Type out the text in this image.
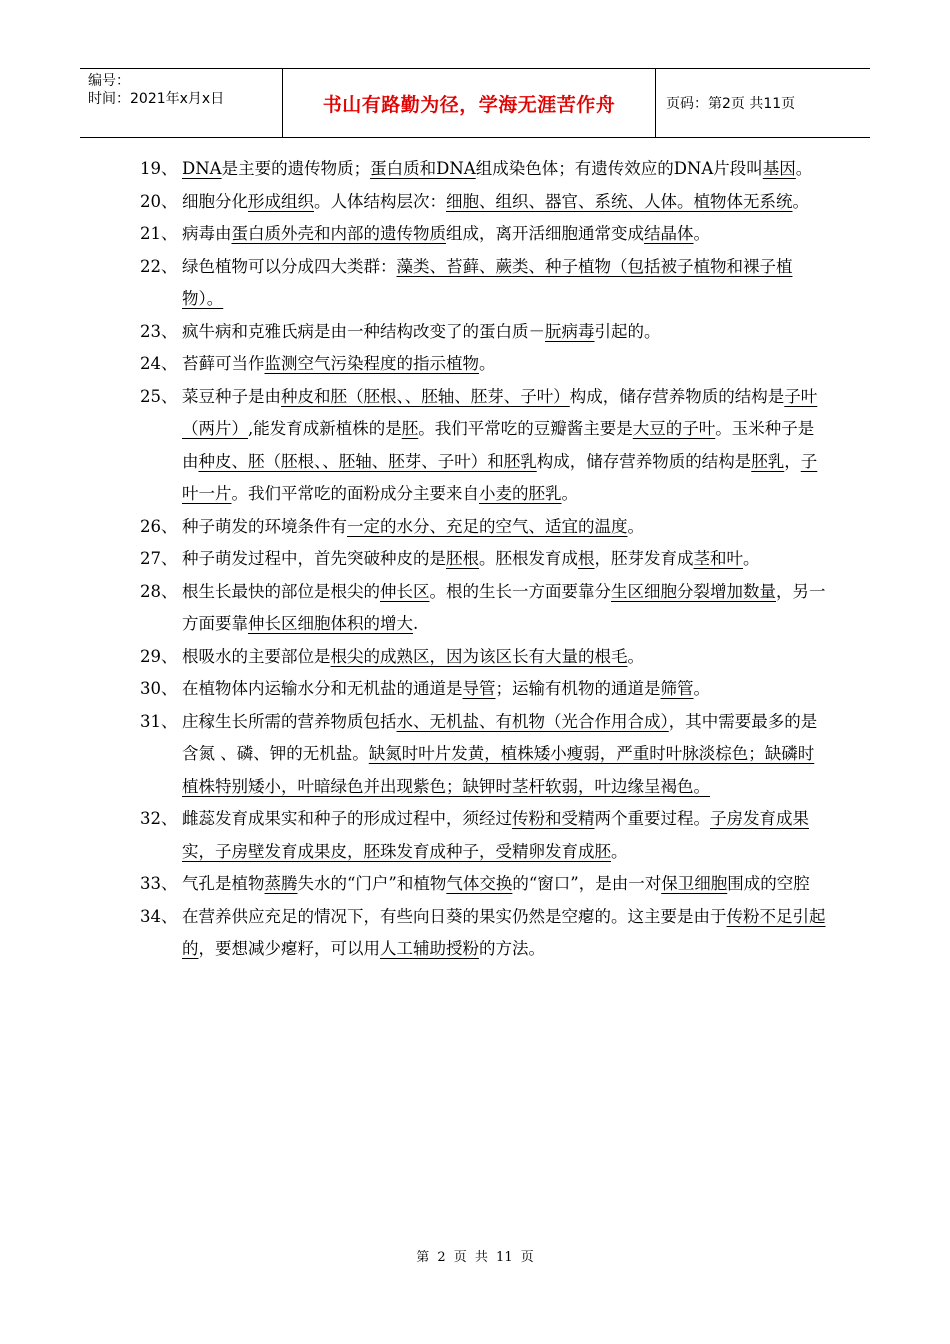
编号：
时间：2021年x月x日	书山有路勤为径，学海无涯苦作舟	页码：第2页 共11页
19、 DNA是主要的遗传物质；蛋白质和DNA组成染色体；有遗传效应的DNA片段叫基因。
20、 细胞分化形成组织。人体结构层次：细胞、组织、器官、系统、人体。植物体无系统。
21、 病毒由蛋白质外壳和内部的遗传物质组成，离开活细胞通常变成结晶体。
22、 绿色植物可以分成四大类群：藻类、苔藓、蕨类、种子植物（包括被子植物和裸子植物）。
23、 疯牛病和克雅氏病是由一种结构改变了的蛋白质－朊病毒引起的。
24、 苔藓可当作监测空气污染程度的指示植物。
25、 菜豆种子是由种皮和胚（胚根、、胚轴、胚芽、子叶）构成，储存营养物质的结构是子叶（两片）,能发育成新植株的是胚。我们平常吃的豆瓣酱主要是大豆的子叶。玉米种子是由种皮、胚（胚根、、胚轴、胚芽、子叶）和胚乳构成，储存营养物质的结构是胚乳，子叶一片。我们平常吃的面粉成分主要来自小麦的胚乳。
26、 种子萌发的环境条件有一定的水分、充足的空气、适宜的温度。
27、 种子萌发过程中，首先突破种皮的是胚根。胚根发育成根，胚芽发育成茎和叶。
28、 根生长最快的部位是根尖的伸长区。根的生长一方面要靠分生区细胞分裂增加数量，另一方面要靠伸长区细胞体积的增大.
29、 根吸水的主要部位是根尖的成熟区，因为该区长有大量的根毛。
30、 在植物体内运输水分和无机盐的通道是导管；运输有机物的通道是筛管。
31、 庄稼生长所需的营养物质包括水、无机盐、有机物（光合作用合成），其中需要最多的是含氮 、磷、钾的无机盐。缺氮时叶片发黄，植株矮小瘦弱，严重时叶脉淡棕色；缺磷时植株特别矮小，叶暗绿色并出现紫色；缺钾时茎杆软弱，叶边缘呈褐色。
32、 雌蕊发育成果实和种子的形成过程中，须经过传粉和受精两个重要过程。子房发育成果实，子房壁发育成果皮，胚珠发育成种子，受精卵发育成胚。
33、 气孔是植物蒸腾失水的“门户”和植物气体交换的“窗口”，是由一对保卫细胞围成的空腔
34、 在营养供应充足的情况下，有些向日葵的果实仍然是空瘪的。这主要是由于传粉不足引起的，要想减少瘪籽，可以用人工辅助授粉的方法。
第 2 页 共 11 页
